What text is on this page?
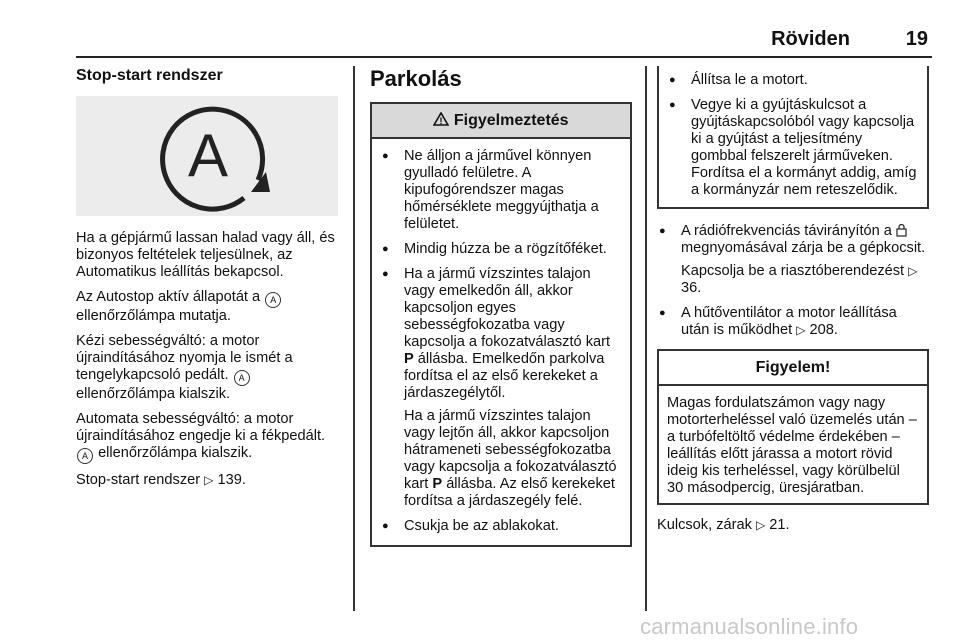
Röviden	19
Stop-start rendszer
A

Ha a gépjármű lassan halad vagy áll, és bizonyos feltételek teljesülnek, az Automatikus leállítás bekapcsol.

Az Autostop aktív állapotát a A
ellenőrzőlámpa mutatja.

Kézi sebességváltó: a motor újraindításához nyomja le ismét a tengelykapcsoló pedált. A
ellenőrzőlámpa kialszik.

Automata sebességváltó: a motor újraindításához engedje ki a fékpedált. A ellenőrzőlámpa kialszik.

Stop-start rendszer ▷ 139.

Parkolás
! Figyelmeztetés
● Ne álljon a járművel könnyen gyulladó felületre. A kipufogórendszer magas hőmérséklete meggyújthatja a felületet.
● Mindig húzza be a rögzítőféket.
● Ha a jármű vízszintes talajon vagy emelkedőn áll, akkor kapcsoljon egyes sebességfokozatba vagy kapcsolja a fokozatválasztó kart P állásba. Emelkedőn parkolva fordítsa el az első kerekeket a járdaszegélytől.

Ha a jármű vízszintes talajon vagy lejtőn áll, akkor kapcsoljon hátrameneti sebességfokozatba vagy kapcsolja a fokozatválasztó kart P állásba. Az első kerekeket fordítsa a járdaszegély felé.

● Csukja be az ablakokat.
● Állítsa le a motort.
● Vegye ki a gyújtáskulcsot a gyújtáskapcsolóból vagy kapcsolja ki a gyújtást a teljesítmény gombbal felszerelt járműveken. Fordítsa el a kormányt addig, amíg a kormányzár nem reteszelődik.
● A rádiófrekvenciás távirányítón a  megnyomásával zárja be a gépkocsit.

Kapcsolja be a riasztóberendezést ▷ 36.

● A hűtőventilátor a motor leállítása után is működhet ▷ 208.
Figyelem!
Magas fordulatszámon vagy nagy motorterheléssel való üzemelés után – a turbófeltöltő védelme érdekében – leállítás előtt járassa a motort rövid ideig kis terheléssel, vagy körülbelül 30 másodpercig, üresjáratban.

Kulcsok, zárak ▷ 21.

carmanualsonline.info
